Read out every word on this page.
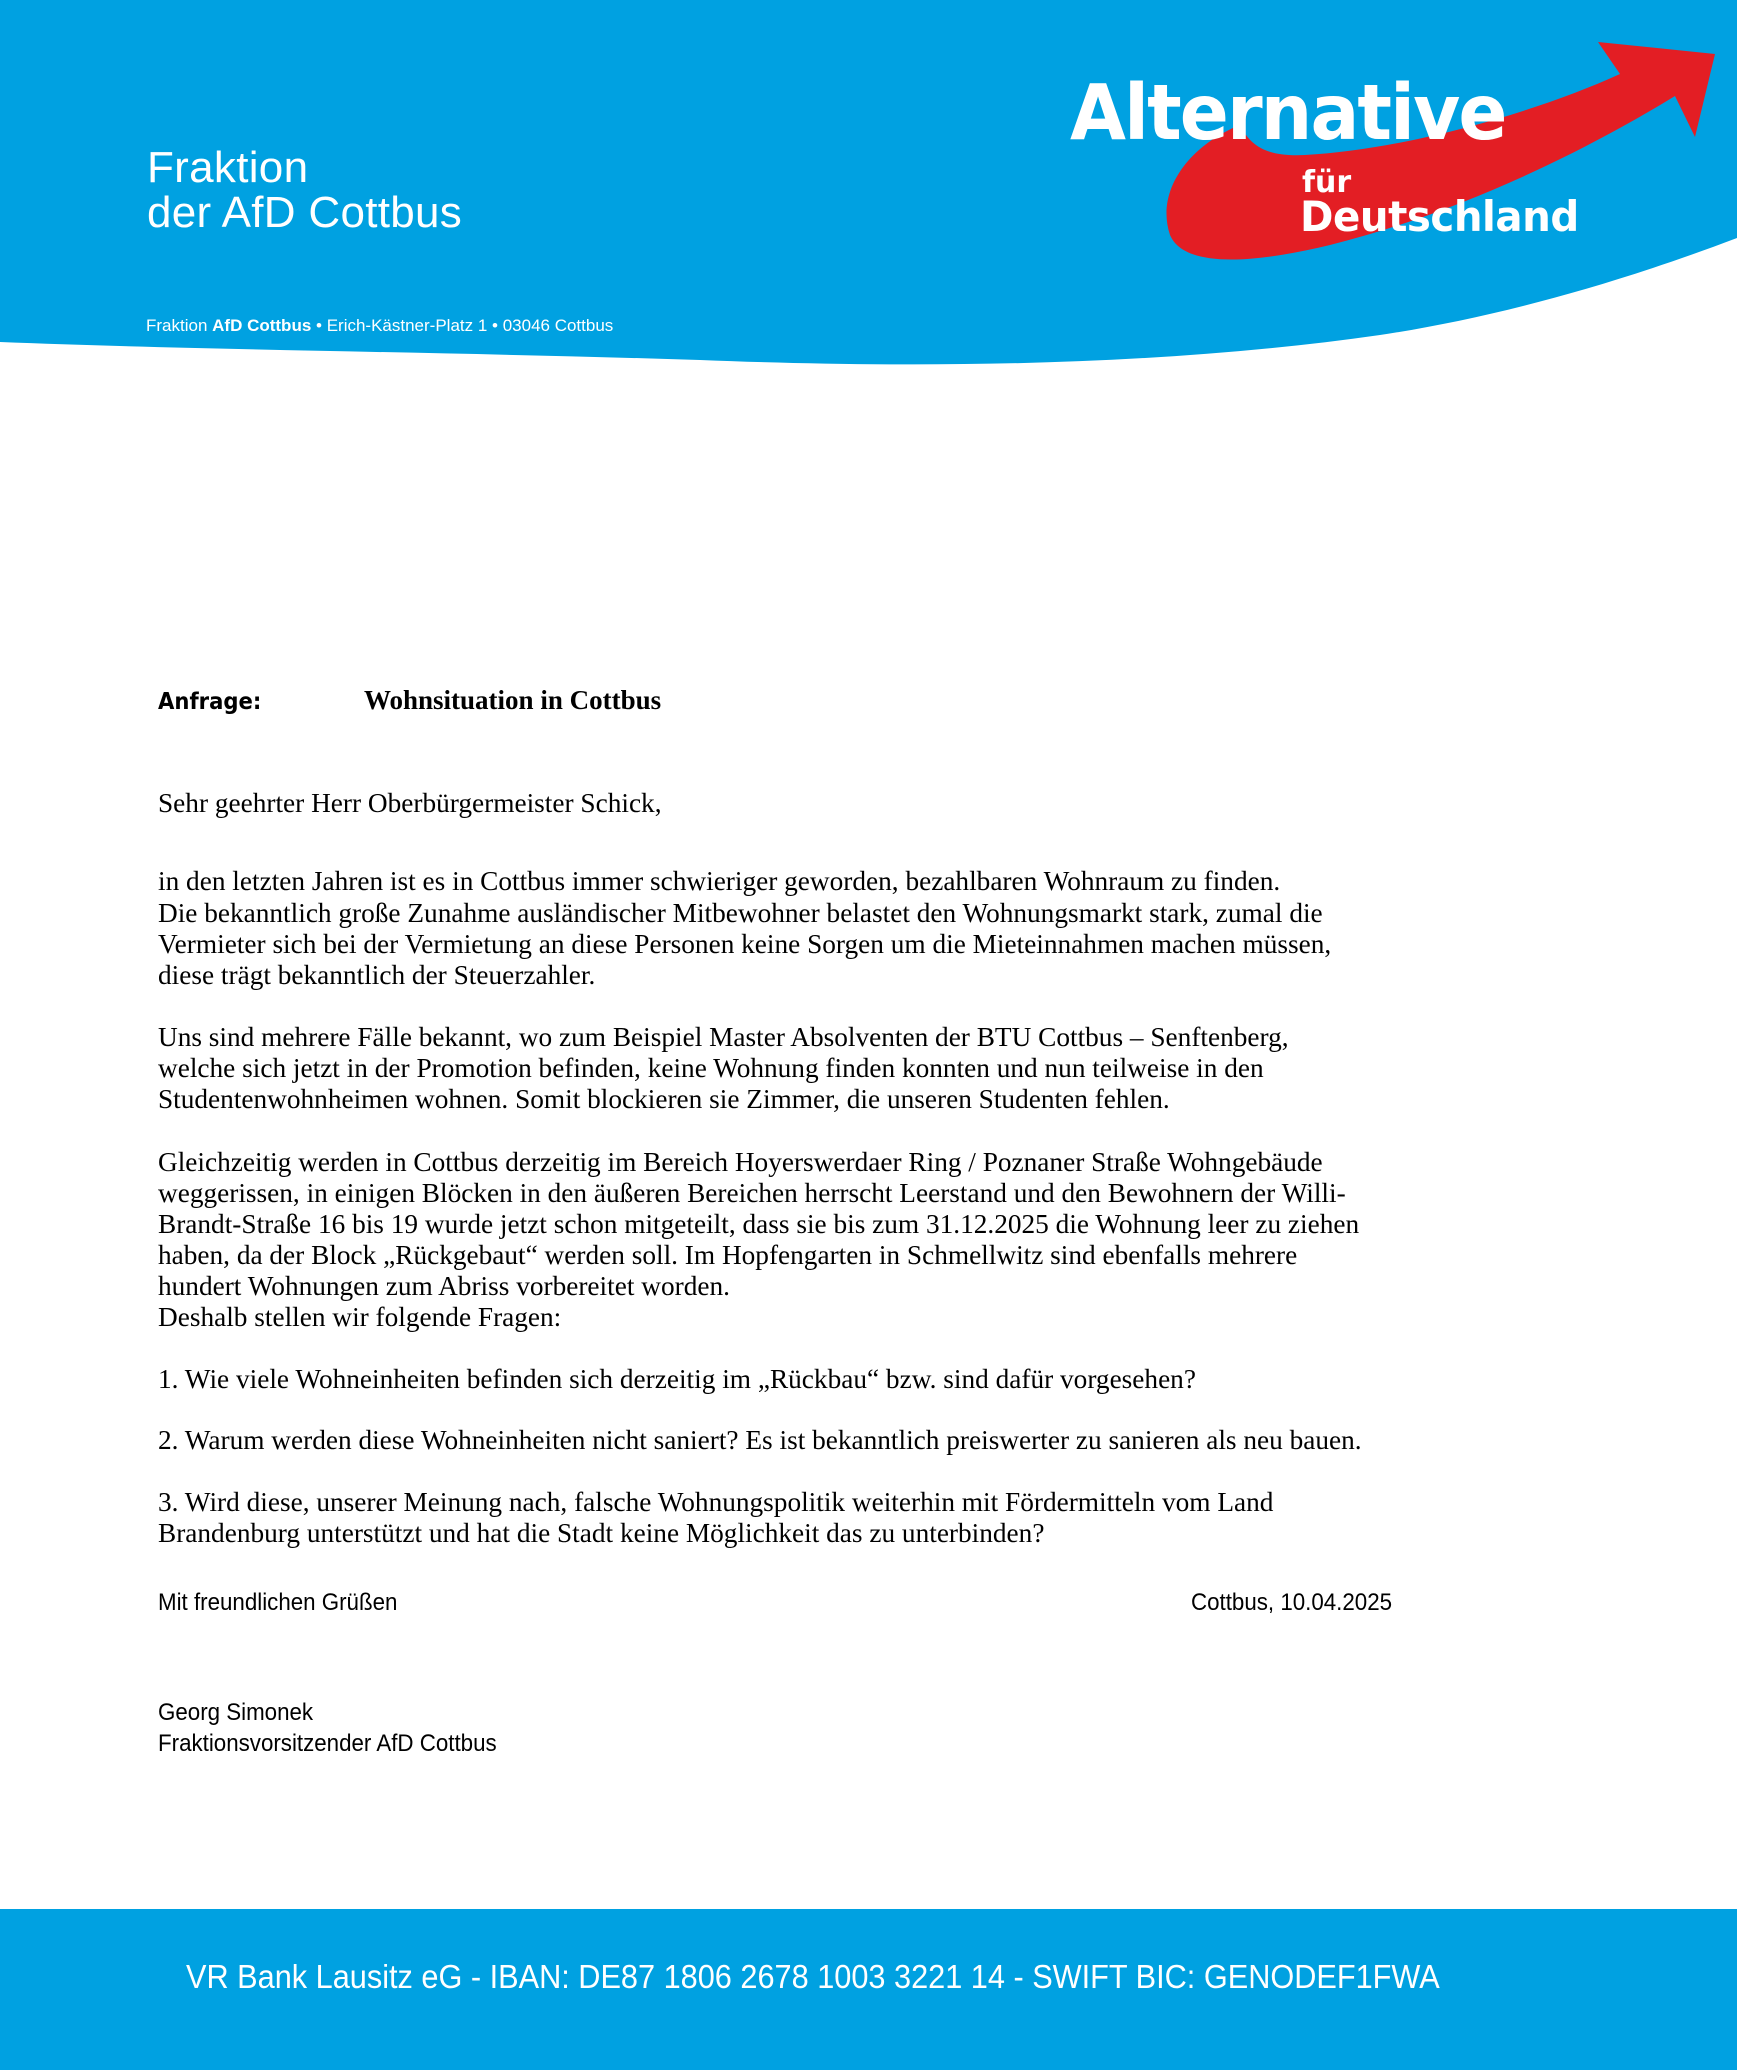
Fraktion
der AfD Cottbus
Fraktion AfD Cottbus • Erich-Kästner-Platz 1 • 03046 Cottbus
Alternative
für
Deutschland
Anfrage:	Wohnsituation in Cottbus
Sehr geehrter Herr Oberbürgermeister Schick,
in den letzten Jahren ist es in Cottbus immer schwieriger geworden, bezahlbaren Wohnraum zu finden.
Die bekanntlich große Zunahme ausländischer Mitbewohner belastet den Wohnungsmarkt stark, zumal die
Vermieter sich bei der Vermietung an diese Personen keine Sorgen um die Mieteinnahmen machen müssen,
diese trägt bekanntlich der Steuerzahler.
Uns sind mehrere Fälle bekannt, wo zum Beispiel Master Absolventen der BTU Cottbus – Senftenberg,
welche sich jetzt in der Promotion befinden, keine Wohnung finden konnten und nun teilweise in den
Studentenwohnheimen wohnen. Somit blockieren sie Zimmer, die unseren Studenten fehlen.
Gleichzeitig werden in Cottbus derzeitig im Bereich Hoyerswerdaer Ring / Poznaner Straße Wohngebäude
weggerissen, in einigen Blöcken in den äußeren Bereichen herrscht Leerstand und den Bewohnern der Willi-
Brandt-Straße 16 bis 19 wurde jetzt schon mitgeteilt, dass sie bis zum 31.12.2025 die Wohnung leer zu ziehen
haben, da der Block „Rückgebaut“ werden soll. Im Hopfengarten in Schmellwitz sind ebenfalls mehrere
hundert Wohnungen zum Abriss vorbereitet worden.
Deshalb stellen wir folgende Fragen:
1. Wie viele Wohneinheiten befinden sich derzeitig im „Rückbau“ bzw. sind dafür vorgesehen?
2. Warum werden diese Wohneinheiten nicht saniert? Es ist bekanntlich preiswerter zu sanieren als neu bauen.
3. Wird diese, unserer Meinung nach, falsche Wohnungspolitik weiterhin mit Fördermitteln vom Land
Brandenburg unterstützt und hat die Stadt keine Möglichkeit das zu unterbinden?
Mit freundlichen Grüßen	Cottbus, 10.04.2025
Georg Simonek
Fraktionsvorsitzender AfD Cottbus
VR Bank Lausitz eG - IBAN: DE87 1806 2678 1003 3221 14 - SWIFT BIC: GENODEF1FWA
